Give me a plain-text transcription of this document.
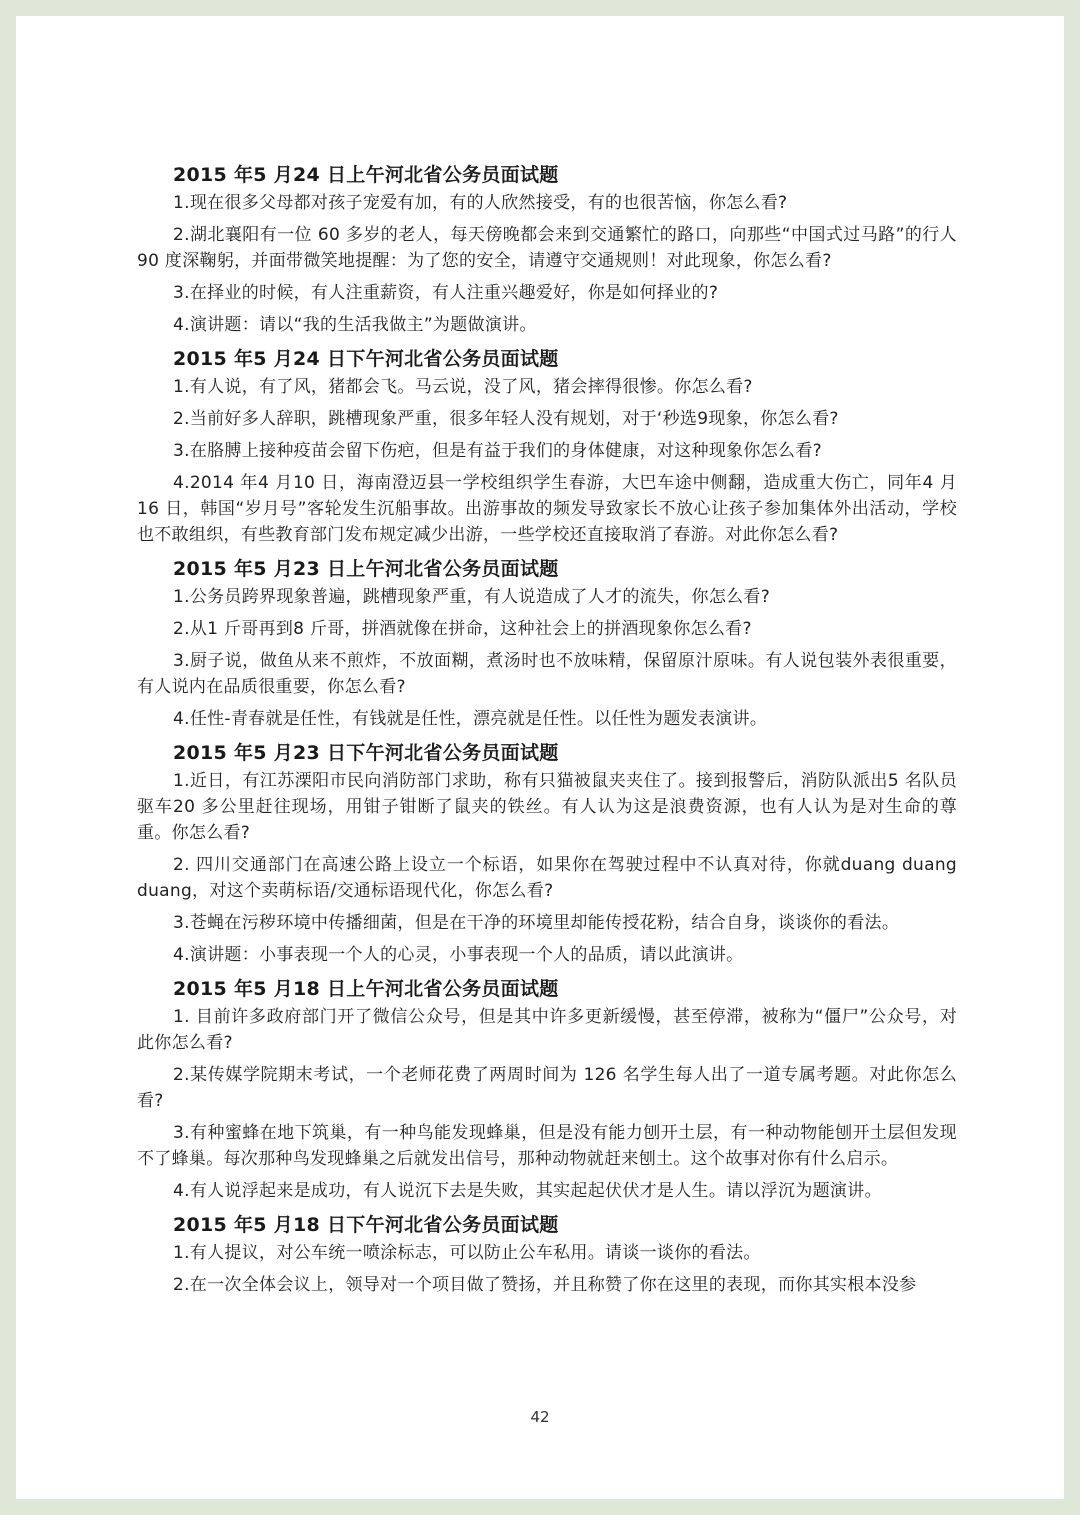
2015 年5 月24 日上午河北省公务员面试题

1.现在很多父母都对孩子宠爱有加，有的人欣然接受，有的也很苦恼，你怎么看?

2.湖北襄阳有一位 60 多岁的老人，每天傍晚都会来到交通繁忙的路口，向那些“中国式过马路”的行人90 度深鞠躬，并面带微笑地提醒：为了您的安全，请遵守交通规则！对此现象，你怎么看?

3.在择业的时候，有人注重薪资，有人注重兴趣爱好，你是如何择业的?

4.演讲题：请以“我的生活我做主”为题做演讲。

2015 年5 月24 日下午河北省公务员面试题

1.有人说，有了风，猪都会飞。马云说，没了风，猪会摔得很惨。你怎么看?

2.当前好多人辞职，跳槽现象严重，很多年轻人没有规划，对于‘秒选9现象，你怎么看?

3.在胳膊上接种疫苗会留下伤疤，但是有益于我们的身体健康，对这种现象你怎么看?

4.2014 年4 月10 日，海南澄迈县一学校组织学生春游，大巴车途中侧翻，造成重大伤亡，同年4 月16 日，韩国“岁月号”客轮发生沉船事故。出游事故的频发导致家长不放心让孩子参加集体外出活动，学校也不敢组织，有些教育部门发布规定减少出游，一些学校还直接取消了春游。对此你怎么看?

2015 年5 月23 日上午河北省公务员面试题

1.公务员跨界现象普遍，跳槽现象严重，有人说造成了人才的流失，你怎么看?

2.从1 斤哥再到8 斤哥，拼酒就像在拼命，这种社会上的拼酒现象你怎么看?

3.厨子说，做鱼从来不煎炸，不放面糊，煮汤时也不放味精，保留原汁原味。有人说包装外表很重要，有人说内在品质很重要，你怎么看?

4.任性-青春就是任性，有钱就是任性，漂亮就是任性。以任性为题发表演讲。

2015 年5 月23 日下午河北省公务员面试题

1.近日，有江苏溧阳市民向消防部门求助，称有只猫被鼠夹夹住了。接到报警后，消防队派出5 名队员驱车20 多公里赶往现场，用钳子钳断了鼠夹的铁丝。有人认为这是浪费资源，也有人认为是对生命的尊重。你怎么看?

2. 四川交通部门在高速公路上设立一个标语，如果你在驾驶过程中不认真对待，你就duang duang duang，对这个卖萌标语/交通标语现代化，你怎么看?

3.苍蝇在污秽环境中传播细菌，但是在干净的环境里却能传授花粉，结合自身，谈谈你的看法。

4.演讲题：小事表现一个人的心灵，小事表现一个人的品质，请以此演讲。

2015 年5 月18 日上午河北省公务员面试题

1. 目前许多政府部门开了微信公众号，但是其中许多更新缓慢，甚至停滞，被称为“僵尸”公众号，对此你怎么看?

2.某传媒学院期末考试，一个老师花费了两周时间为 126 名学生每人出了一道专属考题。对此你怎么看?

3.有种蜜蜂在地下筑巢，有一种鸟能发现蜂巢，但是没有能力刨开土层，有一种动物能刨开土层但发现不了蜂巢。每次那种鸟发现蜂巢之后就发出信号，那种动物就赶来刨土。这个故事对你有什么启示。

4.有人说浮起来是成功，有人说沉下去是失败，其实起起伏伏才是人生。请以浮沉为题演讲。

2015 年5 月18 日下午河北省公务员面试题

1.有人提议，对公车统一喷涂标志，可以防止公车私用。请谈一谈你的看法。

2.在一次全体会议上，领导对一个项目做了赞扬，并且称赞了你在这里的表现，而你其实根本没参

42
